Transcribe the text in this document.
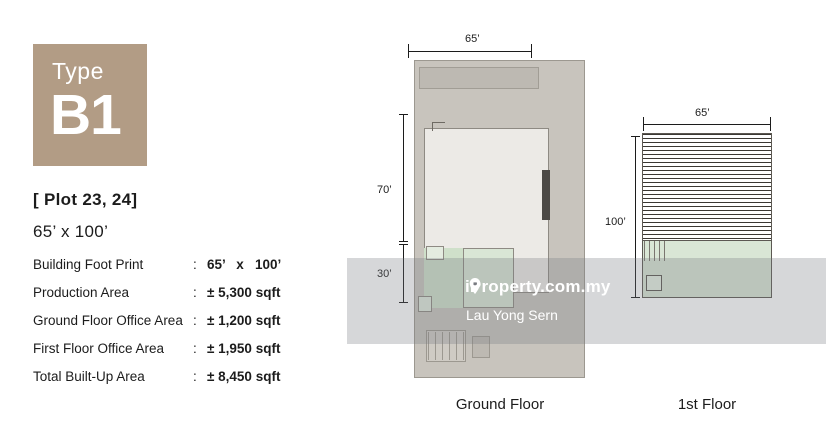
Type
B1
[ Plot 23, 24]
65’ x 100’
Building Foot Print	: 65’   x   100’
Production Area	: ± 5,300 sqft
Ground Floor Office Area : ± 1,200 sqft
First Floor Office Area	: ± 1,950 sqft
Total Built-Up Area	: ± 8,450 sqft
65’
70’
30’
Ground Floor
65’
100’
1st Floor
iProperty.com.my
Lau Yong Sern
